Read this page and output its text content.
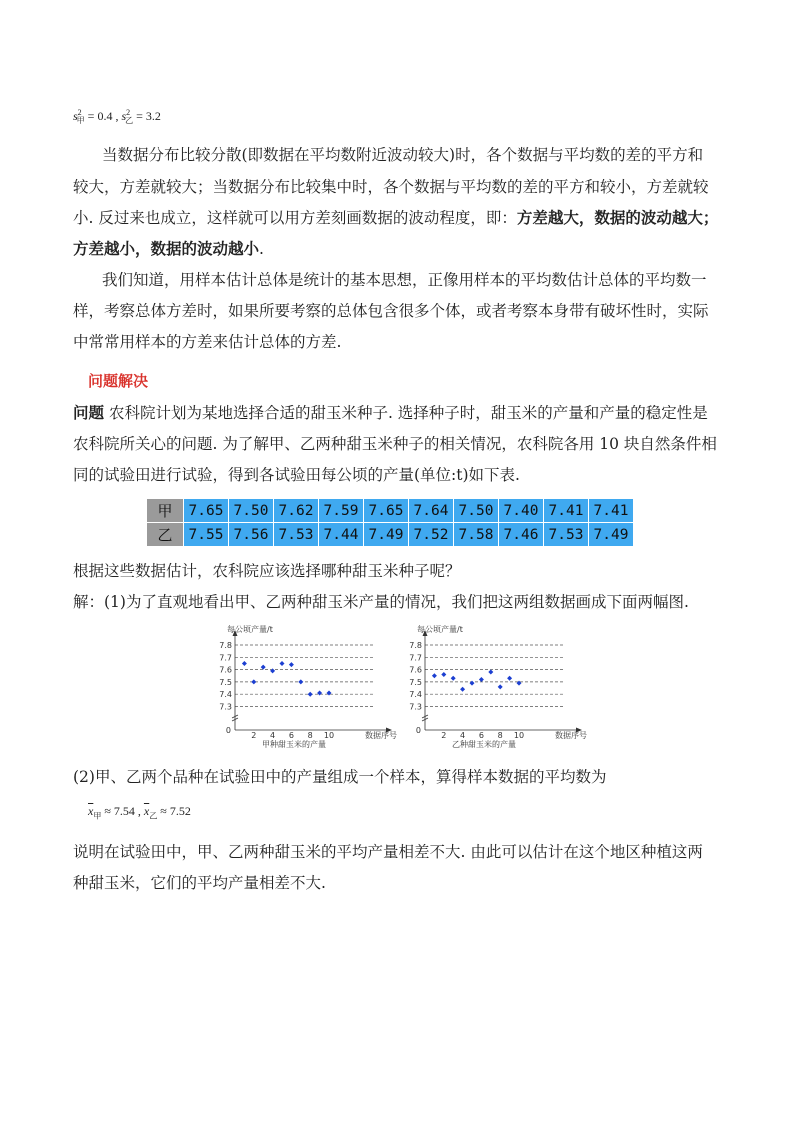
$s^2_甲 = 0.4$ , $s^2_乙 = 3.2$
当数据分布比较分散(即数据在平均数附近波动较大)时，各个数据与平均数的差的平方和
较大，方差就较大；当数据分布比较集中时，各个数据与平均数的差的平方和较小，方差就较
小. 反过来也成立，这样就可以用方差刻画数据的波动程度，即：方差越大，数据的波动越大；
方差越小，数据的波动越小.
我们知道，用样本估计总体是统计的基本思想，正像用样本的平均数估计总体的平均数一
样，考察总体方差时，如果所要考察的总体包含很多个体，或者考察本身带有破坏性时，实际
中常常用样本的方差来估计总体的方差.
问题解决
问题 农科院计划为某地选择合适的甜玉米种子. 选择种子时，甜玉米的产量和产量的稳定性是
农科院所关心的问题. 为了解甲、乙两种甜玉米种子的相关情况，农科院各用 10 块自然条件相
同的试验田进行试验，得到各试验田每公顷的产量(单位:t)如下表.
甲	7.65	7.50	7.62	7.59	7.65	7.64	7.50	7.40	7.41	7.41
乙	7.55	7.56	7.53	7.44	7.49	7.52	7.58	7.46	7.53	7.49
根据这些数据估计，农科院应该选择哪种甜玉米种子呢？
解：(1)为了直观地看出甲、乙两种甜玉米产量的情况，我们把这两组数据画成下面两幅图.
7.8
7.7
7.6
7.5
7.4
7.3
0
每公顷产量/t
2 4 6 8 10	数据序号
甲种甜玉米的产量
7.8
7.7
7.6
7.5
7.4
7.3
0
每公顷产量/t
2 4 6 8 10	数据序号
乙种甜玉米的产量
(2)甲、乙两个品种在试验田中的产量组成一个样本，算得样本数据的平均数为
$\overline{x}_甲 \approx 7.54$ , $\overline{x}_乙 \approx 7.52$
说明在试验田中，甲、乙两种甜玉米的平均产量相差不大. 由此可以估计在这个地区种植这两
种甜玉米，它们的平均产量相差不大.
